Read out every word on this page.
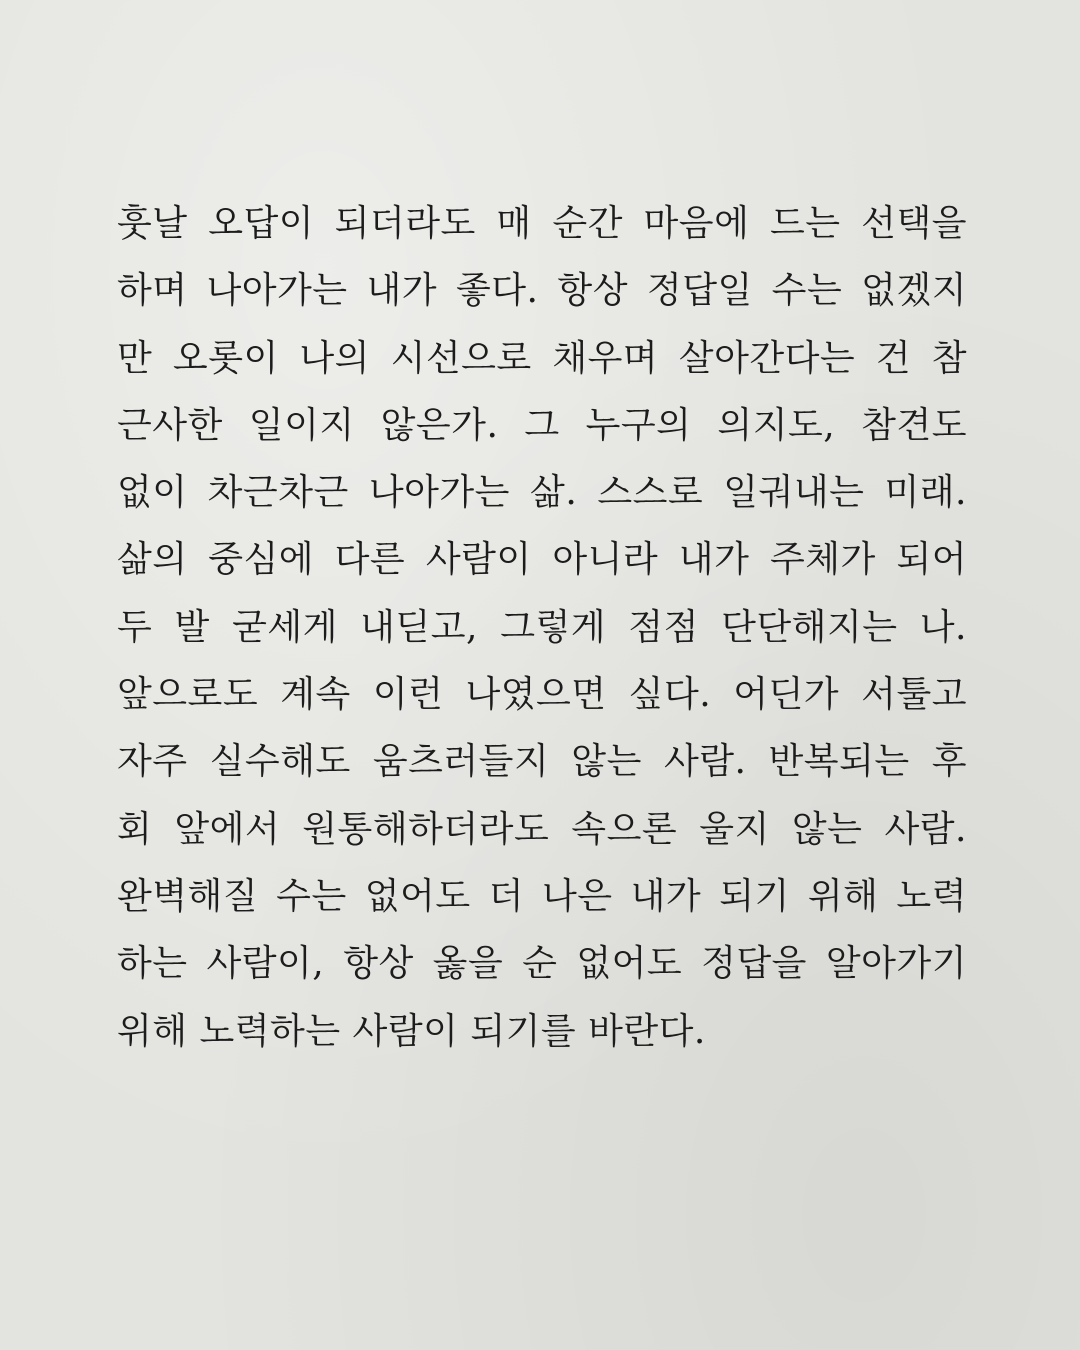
훗날 오답이 되더라도 매 순간 마음에 드는 선택을
하며 나아가는 내가 좋다. 항상 정답일 수는 없겠지
만 오롯이 나의 시선으로 채우며 살아간다는 건 참
근사한 일이지 않은가. 그 누구의 의지도, 참견도
없이 차근차근 나아가는 삶. 스스로 일궈내는 미래.
삶의 중심에 다른 사람이 아니라 내가 주체가 되어
두 발 굳세게 내딛고, 그렇게 점점 단단해지는 나.
앞으로도 계속 이런 나였으면 싶다. 어딘가 서툴고
자주 실수해도 움츠러들지 않는 사람. 반복되는 후
회 앞에서 원통해하더라도 속으론 울지 않는 사람.
완벽해질 수는 없어도 더 나은 내가 되기 위해 노력
하는 사람이, 항상 옳을 순 없어도 정답을 알아가기
위해 노력하는 사람이 되기를 바란다.
